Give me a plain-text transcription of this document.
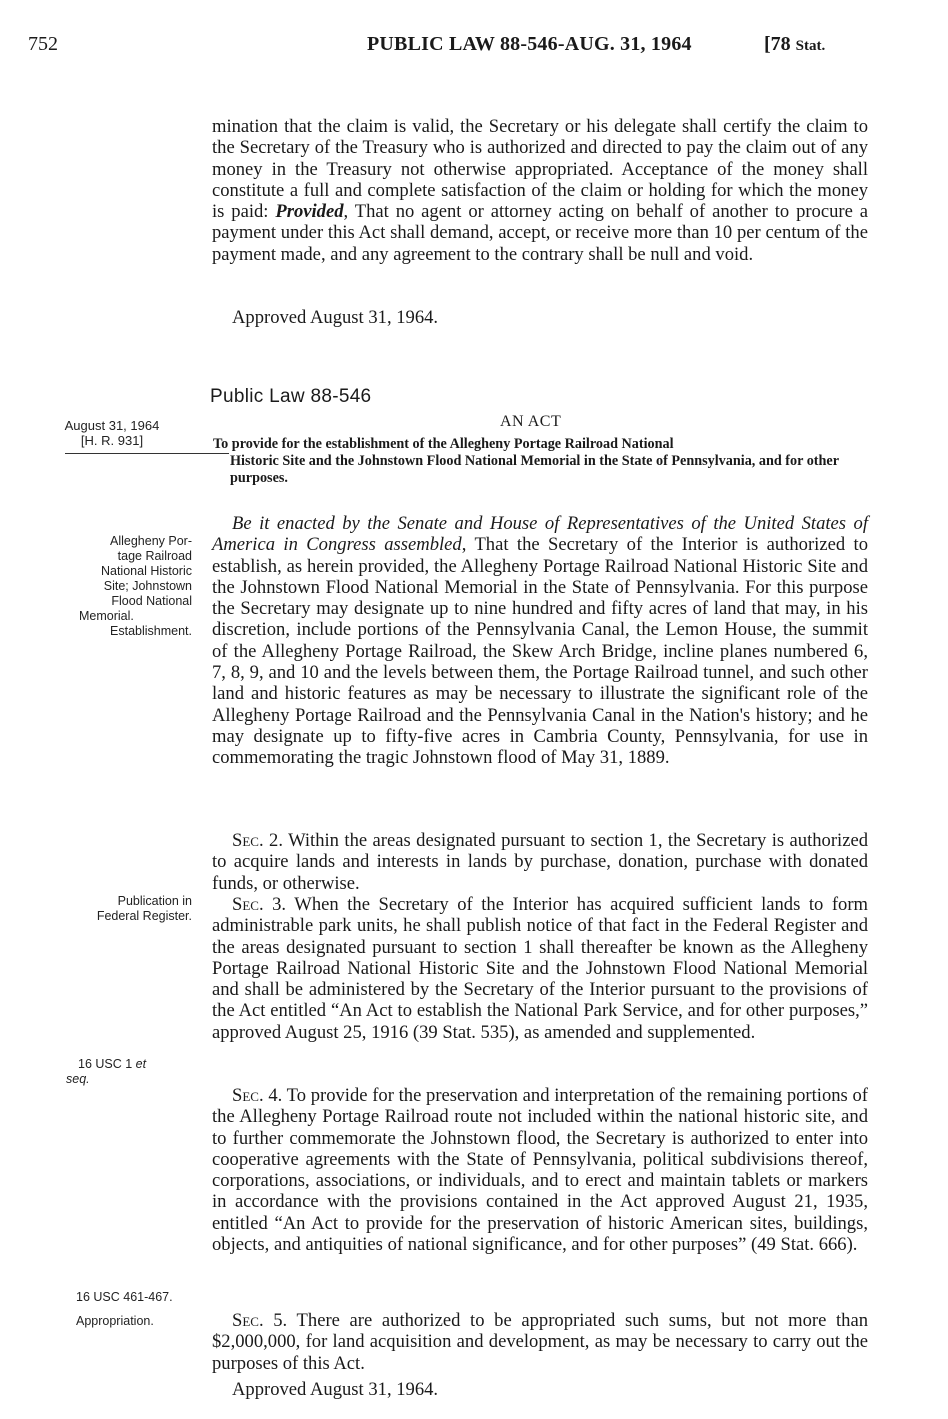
752	PUBLIC LAW 88-546-AUG. 31, 1964	[78 Stat.

mination that the claim is valid, the Secretary or his delegate shall certify the claim to the Secretary of the Treasury who is authorized and directed to pay the claim out of any money in the Treasury not otherwise appropriated. Acceptance of the money shall constitute a full and complete satisfaction of the claim or holding for which the money is paid: Provided, That no agent or attorney acting on behalf of another to procure a payment under this Act shall demand, accept, or receive more than 10 per centum of the payment made, and any agreement to the contrary shall be null and void.

Approved August 31, 1964.
Public Law 88-546
AN ACT
To provide for the establishment of the Allegheny Portage Railroad National
Historic Site and the Johnstown Flood National Memorial in the State of Pennsylvania, and for other purposes.
August 31, 1964
[H. R. 931]
Allegheny Por-
tage Railroad
National Historic
Site; Johnstown
Flood National
Memorial.
Establishment.
Publication in
Federal Register.
16 USC 1 et
seq.
16 USC 461-467.
Appropriation.

Be it enacted by the Senate and House of Representatives of the United States of America in Congress assembled, That the Secretary of the Interior is authorized to establish, as herein provided, the Allegheny Portage Railroad National Historic Site and the Johnstown Flood National Memorial in the State of Pennsylvania. For this purpose the Secretary may designate up to nine hundred and fifty acres of land that may, in his discretion, include portions of the Pennsylvania Canal, the Lemon House, the summit of the Allegheny Portage Railroad, the Skew Arch Bridge, incline planes numbered 6, 7, 8, 9, and 10 and the levels between them, the Portage Railroad tunnel, and such other land and historic features as may be necessary to illustrate the significant role of the Allegheny Portage Railroad and the Pennsylvania Canal in the Nation's history; and he may designate up to fifty-five acres in Cambria County, Pennsylvania, for use in commemorating the tragic Johnstown flood of May 31, 1889.

Sec. 2. Within the areas designated pursuant to section 1, the Secretary is authorized to acquire lands and interests in lands by purchase, donation, purchase with donated funds, or otherwise.

Sec. 3. When the Secretary of the Interior has acquired sufficient lands to form administrable park units, he shall publish notice of that fact in the Federal Register and the areas designated pursuant to section 1 shall thereafter be known as the Allegheny Portage Railroad National Historic Site and the Johnstown Flood National Memorial and shall be administered by the Secretary of the Interior pursuant to the provisions of the Act entitled “An Act to establish the National Park Service, and for other purposes,” approved August 25, 1916 (39 Stat. 535), as amended and supplemented.

Sec. 4. To provide for the preservation and interpretation of the remaining portions of the Allegheny Portage Railroad route not included within the national historic site, and to further commemorate the Johnstown flood, the Secretary is authorized to enter into cooperative agreements with the State of Pennsylvania, political subdivisions thereof, corporations, associations, or individuals, and to erect and maintain tablets or markers in accordance with the provisions contained in the Act approved August 21, 1935, entitled “An Act to provide for the preservation of historic American sites, buildings, objects, and antiquities of national significance, and for other purposes” (49 Stat. 666).

Sec. 5. There are authorized to be appropriated such sums, but not more than $2,000,000, for land acquisition and development, as may be necessary to carry out the purposes of this Act.

Approved August 31, 1964.
